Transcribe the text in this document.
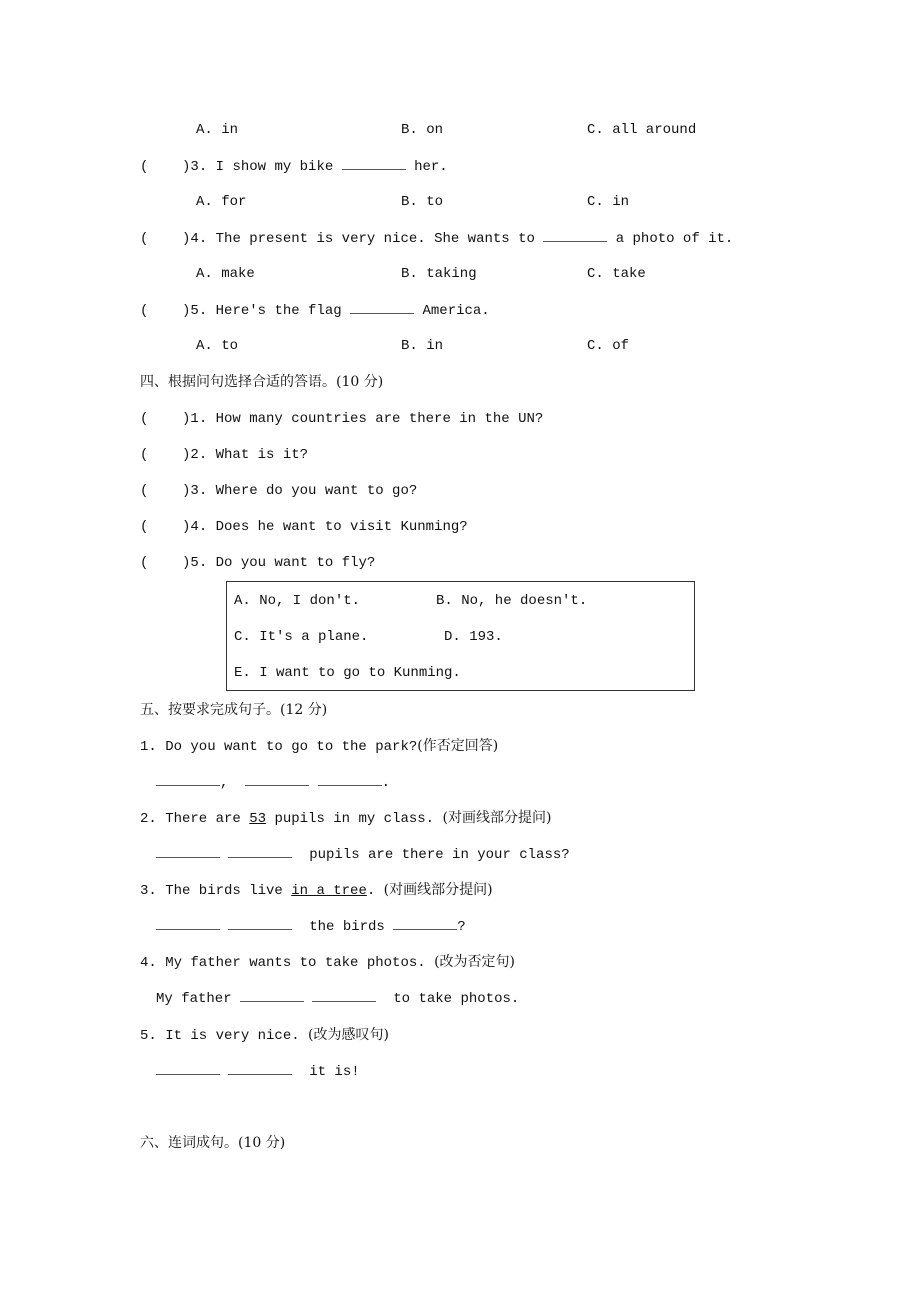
A. in	B. on	C. all around
(    )3. I show my bike	her.
A. for	B. to	C. in
(    )4. The present is very nice. She wants to	a photo of it.
A. make	B. taking	C. take
(    )5. Here's the flag	America.
A. to	B. in	C. of
四、根据问句选择合适的答语。(10 分)
(    )1. How many countries are there in the UN?
(    )2. What is it?
(    )3. Where do you want to go?
(    )4. Does he want to visit Kunming?
(    )5. Do you want to fly?
A. No, I don't.	B. No, he doesn't.
C. It's a plane.	D. 193.
E. I want to go to Kunming.
五、按要求完成句子。(12 分)
1. Do you want to go to the park?(作否定回答)
,	.
2. There are 53 pupils in my class. (对画线部分提问)
pupils are there in your class?
3. The birds live in a tree. (对画线部分提问)
the birds	?
4. My father wants to take photos. (改为否定句)
My father	to take photos.
5. It is very nice. (改为感叹句)
it is!
六、连词成句。(10 分)
